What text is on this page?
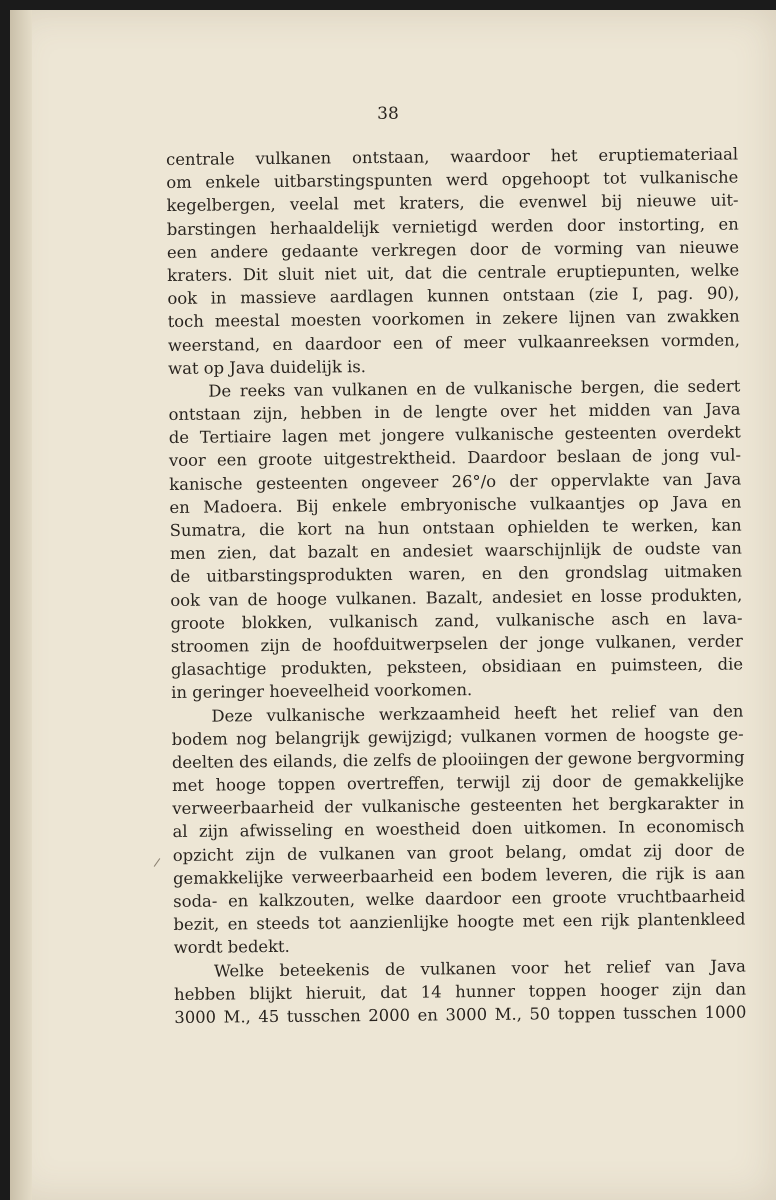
38
centrale vulkanen ontstaan, waardoor het eruptiemateriaal
om enkele uitbarstingspunten werd opgehoopt tot vulkanische
kegelbergen, veelal met kraters, die evenwel bij nieuwe uit-
barstingen herhaaldelijk vernietigd werden door instorting, en
een andere gedaante verkregen door de vorming van nieuwe
kraters. Dit sluit niet uit, dat die centrale eruptiepunten, welke
ook in massieve aardlagen kunnen ontstaan (zie I, pag. 90),
toch meestal moesten voorkomen in zekere lijnen van zwakken
weerstand, en daardoor een of meer vulkaanreeksen vormden,
wat op Java duidelijk is.
De reeks van vulkanen en de vulkanische bergen, die sedert
ontstaan zijn, hebben in de lengte over het midden van Java
de Tertiaire lagen met jongere vulkanische gesteenten overdekt
voor een groote uitgestrektheid. Daardoor beslaan de jong vul-
kanische gesteenten ongeveer 26°/o der oppervlakte van Java
en Madoera. Bij enkele embryonische vulkaantjes op Java en
Sumatra, die kort na hun ontstaan ophielden te werken, kan
men zien, dat bazalt en andesiet waarschijnlijk de oudste van
de uitbarstingsprodukten waren, en den grondslag uitmaken
ook van de hooge vulkanen. Bazalt, andesiet en losse produkten,
groote blokken, vulkanisch zand, vulkanische asch en lava-
stroomen zijn de hoofduitwerpselen der jonge vulkanen, verder
glasachtige produkten, peksteen, obsidiaan en puimsteen, die
in geringer hoeveelheid voorkomen.
Deze vulkanische werkzaamheid heeft het relief van den
bodem nog belangrijk gewijzigd; vulkanen vormen de hoogste ge-
deelten des eilands, die zelfs de plooiingen der gewone bergvorming
met hooge toppen overtreffen, terwijl zij door de gemakkelijke
verweerbaarheid der vulkanische gesteenten het bergkarakter in
al zijn afwisseling en woestheid doen uitkomen. In economisch
opzicht zijn de vulkanen van groot belang, omdat zij door de
gemakkelijke verweerbaarheid een bodem leveren, die rijk is aan
soda- en kalkzouten, welke daardoor een groote vruchtbaarheid
bezit, en steeds tot aanzienlijke hoogte met een rijk plantenkleed
wordt bedekt.
Welke beteekenis de vulkanen voor het relief van Java
hebben blijkt hieruit, dat 14 hunner toppen hooger zijn dan
3000 M., 45 tusschen 2000 en 3000 M., 50 toppen tusschen 1000
